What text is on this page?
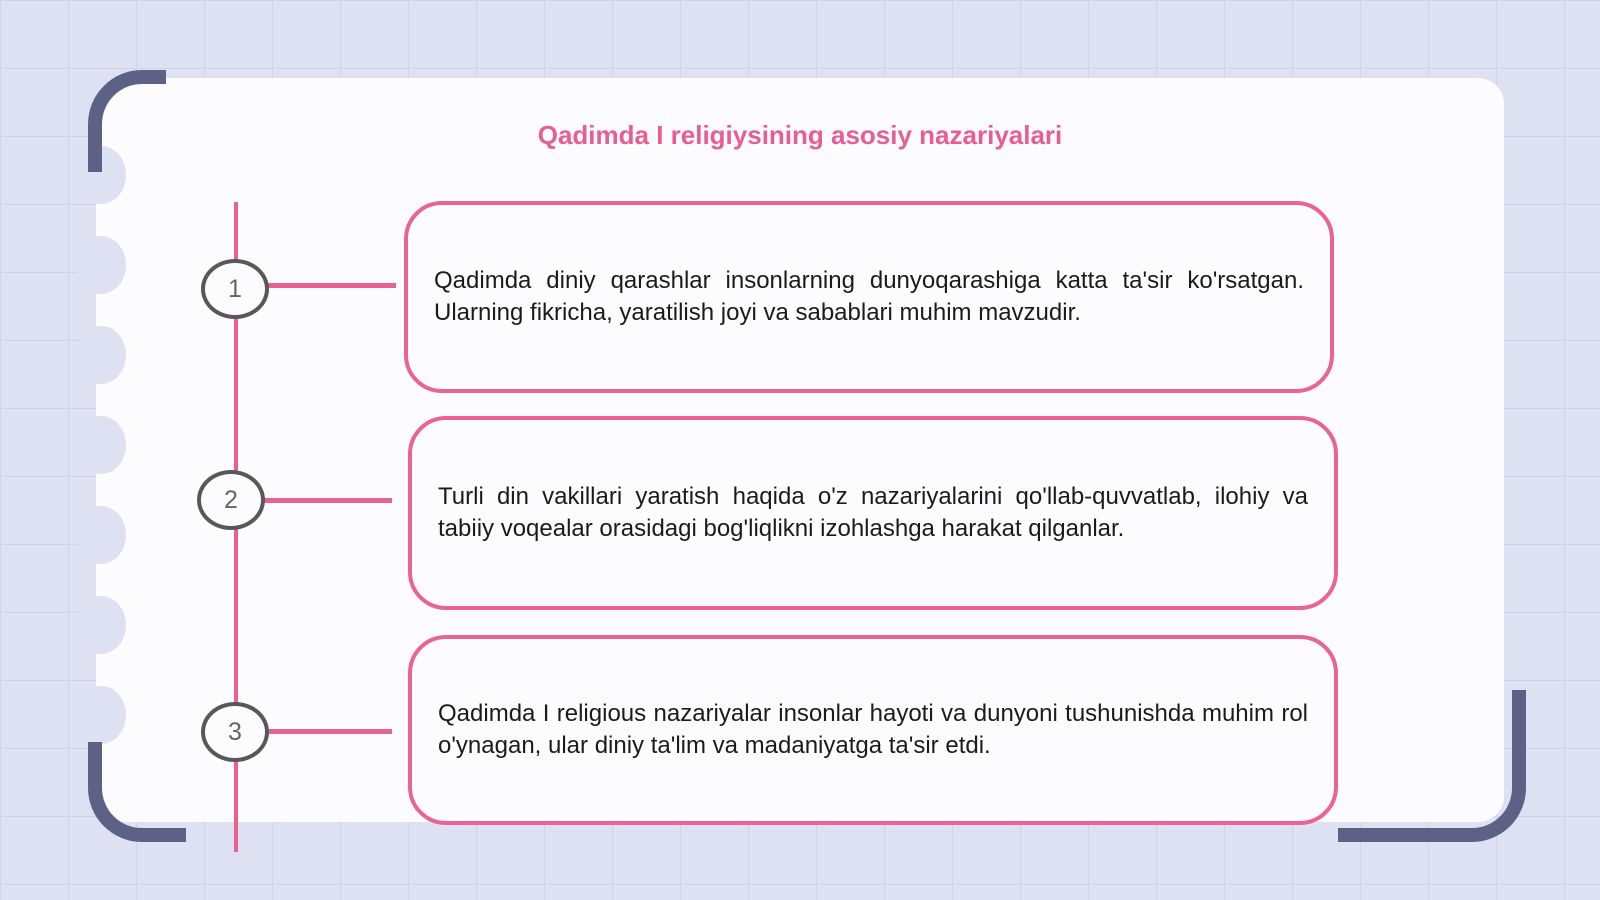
Qadimda I religiysining asosiy nazariyalari
1
2
3

Qadimda diniy qarashlar insonlarning dunyoqarashiga katta ta'sir ko'rsatgan. Ularning fikricha, yaratilish joyi va sabablari muhim mavzudir.

Turli din vakillari yaratish haqida o'z nazariyalarini qo'llab-quvvatlab, ilohiy va tabiiy voqealar orasidagi bog'liqlikni izohlashga harakat qilganlar.

Qadimda I religious nazariyalar insonlar hayoti va dunyoni tushunishda muhim rol o'ynagan, ular diniy ta'lim va madaniyatga ta'sir etdi.
